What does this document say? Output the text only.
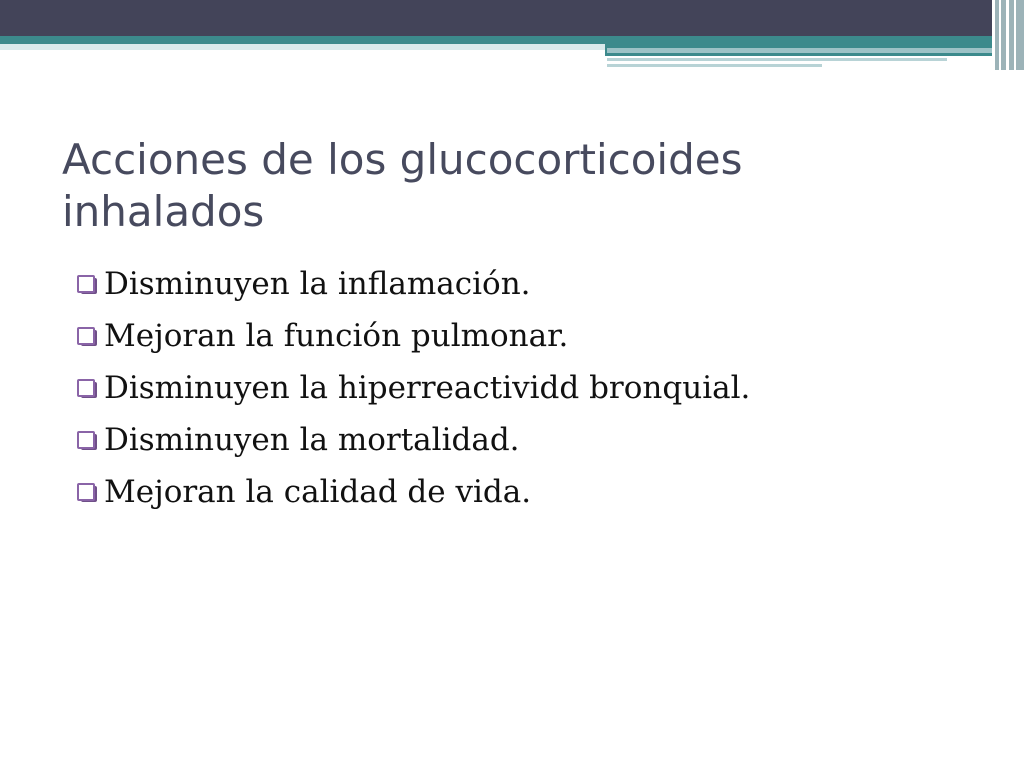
Acciones de los glucocorticoides
inhalados
Disminuyen la inflamación.
Mejoran la función pulmonar.
Disminuyen la hiperreactividd bronquial.
Disminuyen la mortalidad.
Mejoran la calidad de vida.
